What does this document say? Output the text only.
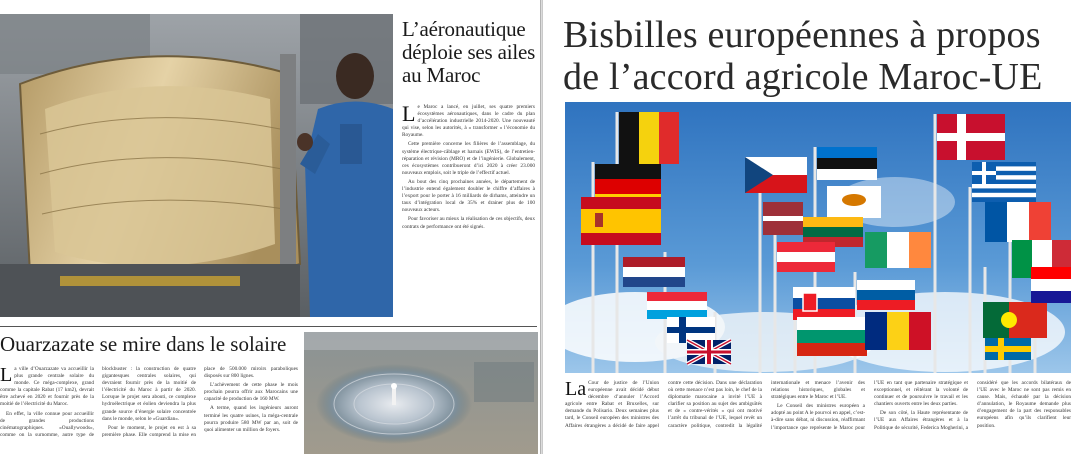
L’aéronautique déploie ses ailes au Maroc

Le Maroc a lancé, en juillet, ses quatre premiers écosystèmes aéronautiques, dans le cadre du plan d’accélération industrielle 2014-2020. Une nouveauté qui vise, selon les autorités, à « transformer » l’économie du Royaume.

Cette première concerne les filières de l’assemblage, du système électrique-câblage et harnais (EWIS), de l’entretien-réparation et révision (MRO) et de l’ingénierie. Globalement, ces écosystèmes contribueront d’ici 2020 à créer 23.000 nouveaux emplois, soit le triple de l’effectif actuel.

Au bout des cinq prochaines années, le département de l’industrie entend également doubler le chiffre d’affaires à l’export pour le porter à 16 milliards de dirhams, atteindre un taux d’intégration local de 35% et drainer plus de 100 nouveaux acteurs.

Pour favoriser au mieux la réalisation de ces objectifs, deux contrats de performance ont été signés.

Ouarzazate se mire dans le solaire

La ville d’Ouarzazate va accueillir la plus grande centrale solaire du monde. Ce méga-complexe, grand comme la capitale Rabat (17 km2), devrait être achevé en 2020 et fournir près de la moitié de l’électricité du Maroc.

En effet, la ville connue pour accueillir de grandes productions cinématographiques. «Ouallywoods», comme on la surnomme, autre type de blockbuster : la construction de quatre gigantesques centrales solaires, qui devraient fournir près de la moitié de l’électricité du Maroc à partir de 2020. Lorsque le projet sera abouti, ce complexe hydroélectrique et éolien deviendra la plus grande source d’énergie solaire concentrée dans le monde, selon le «Guardian».

Pour le moment, le projet en est à sa première phase. Elle comprend la mise en place de 500.000 miroirs paraboliques disposés sur 800 lignes.

L’achèvement de cette phase le mois prochain pourra offrir aux Marocains une capacité de production de 160 MW.

A terme, quand les ingénieurs auront terminé les quatre usines, la méga-centrale pourra produire 580 MW par an, soit de quoi alimenter un million de foyers.

Bisbilles européennes à propos de l’accord agricole Maroc-UE

La Cour de justice de l’Union européenne avait décidé début décembre d’annuler l’Accord agricole entre Rabat et Bruxelles, sur demande du Polisario. Deux semaines plus tard, le Conseil européen des ministres des Affaires étrangères a décidé de faire appel contre cette décision. Dans une déclaration où cette menace n’est pas loin, le chef de la diplomatie marocaine a invité l’UE à clarifier sa position au sujet des ambiguïtés et de « contre-vérités » qui ont motivé l’arrêt du tribunal de l’UE, lequel revêt un caractère politique, contredit la légalité internationale et menace l’avenir des relations historiques, globales et stratégiques entre le Maroc et l’UE.

Le Conseil des ministres européen a adopté au point A le pourvoi en appel, c’est-à-dire sans débat, ni discussion, réaffirmant l’importance que représente le Maroc pour l’UE en tant que partenaire stratégique et exceptionnel, et réitérant la volonté de continuer et de poursuivre le travail et les chantiers ouverts entre les deux parties.

De son côté, la Haute représentante de l’UE aux Affaires étrangères et à la Politique de sécurité, Federica Mogherini, a considéré que les accords bilatéraux de l’UE avec le Maroc ne sont pas remis en cause. Mais, échaudé par la décision d’annulation, le Royaume demande plus d’engagement de la part des responsables européens afin qu’ils clarifient leur position.
